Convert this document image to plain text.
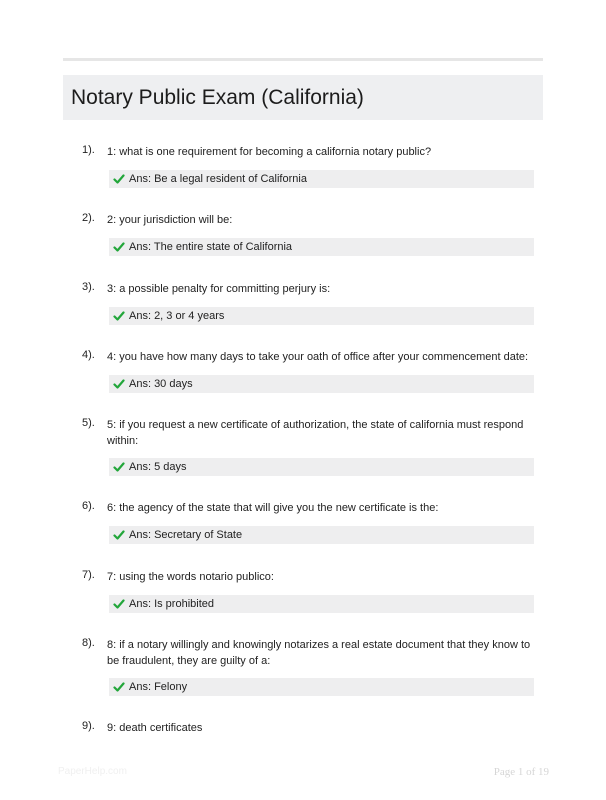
Notary Public Exam (California)
1). 1: what is one requirement for becoming a california notary public?
Ans: Be a legal resident of California
2). 2: your jurisdiction will be:
Ans: The entire state of California
3). 3: a possible penalty for committing perjury is:
Ans: 2, 3 or 4 years
4). 4: you have how many days to take your oath of office after your commencement date:
Ans: 30 days
5). 5: if you request a new certificate of authorization, the state of california must respond within:
Ans: 5 days
6). 6: the agency of the state that will give you the new certificate is the:
Ans: Secretary of State
7). 7: using the words notario publico:
Ans: Is prohibited
8). 8: if a notary willingly and knowingly notarizes a real estate document that they know to be fraudulent, they are guilty of a:
Ans: Felony
9). 9: death certificates
PaperHelp.com	Page 1 of 19
